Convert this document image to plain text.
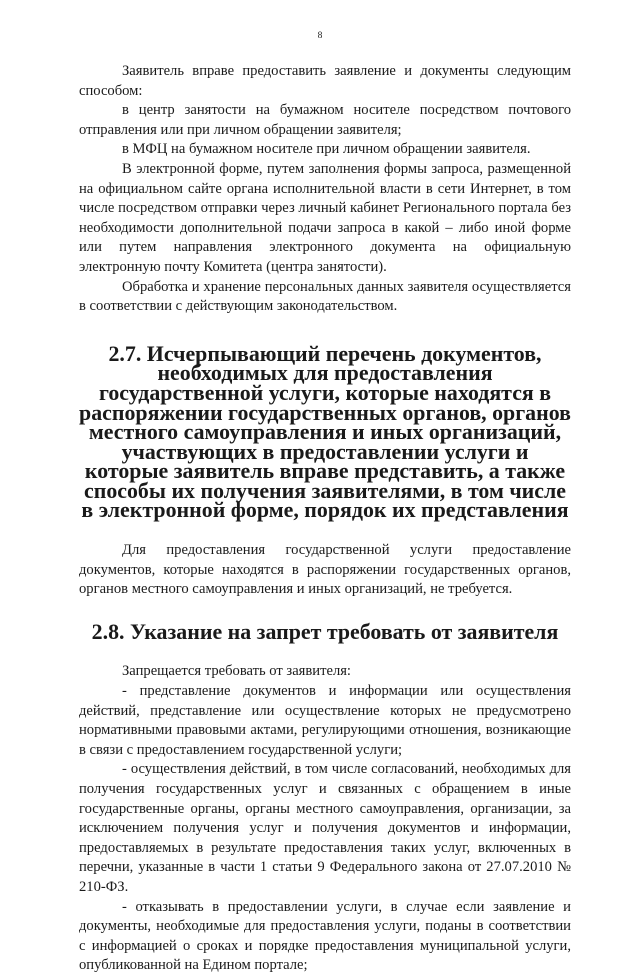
8

Заявитель вправе предоставить заявление и документы следующим способом:

в центр занятости на бумажном носителе посредством почтового отправления или при личном обращении заявителя;

в МФЦ на бумажном носителе при личном обращении заявителя.

В электронной форме, путем заполнения формы запроса, размещенной на официальном сайте органа исполнительной власти в сети Интернет, в том числе посредством отправки через личный кабинет Регионального портала без необходимости дополнительной подачи запроса в какой – либо иной форме или путем направления электронного документа на официальную электронную почту Комитета (центра занятости).

Обработка и хранение персональных данных заявителя осуществляется в соответствии с действующим законодательством.

2.7. Исчерпывающий перечень документов, необходимых для предоставления государственной услуги, которые находятся в распоряжении государственных органов, органов местного самоуправления и иных организаций, участвующих в предоставлении услуги и которые заявитель вправе представить, а также способы их получения заявителями, в том числе в электронной форме, порядок их представления

Для предоставления государственной услуги предоставление документов, которые находятся в распоряжении государственных органов, органов местного самоуправления и иных организаций, не требуется.

2.8. Указание на запрет требовать от заявителя

Запрещается требовать от заявителя:

- представление документов и информации или осуществления действий, представление или осуществление которых не предусмотрено нормативными правовыми актами, регулирующими отношения, возникающие в связи с предоставлением государственной услуги;

- осуществления действий, в том числе согласований, необходимых для получения государственных услуг и связанных с обращением в иные государственные органы, органы местного самоуправления, организации, за исключением получения услуг и получения документов и информации, предоставляемых в результате предоставления таких услуг, включенных в перечни, указанные в части 1 статьи 9 Федерального закона от 27.07.2010 № 210-ФЗ.

- отказывать в предоставлении услуги, в случае если заявление и документы, необходимые для предоставления услуги, поданы в соответствии с информацией о сроках и порядке предоставления муниципальной услуги, опубликованной на Едином портале;
